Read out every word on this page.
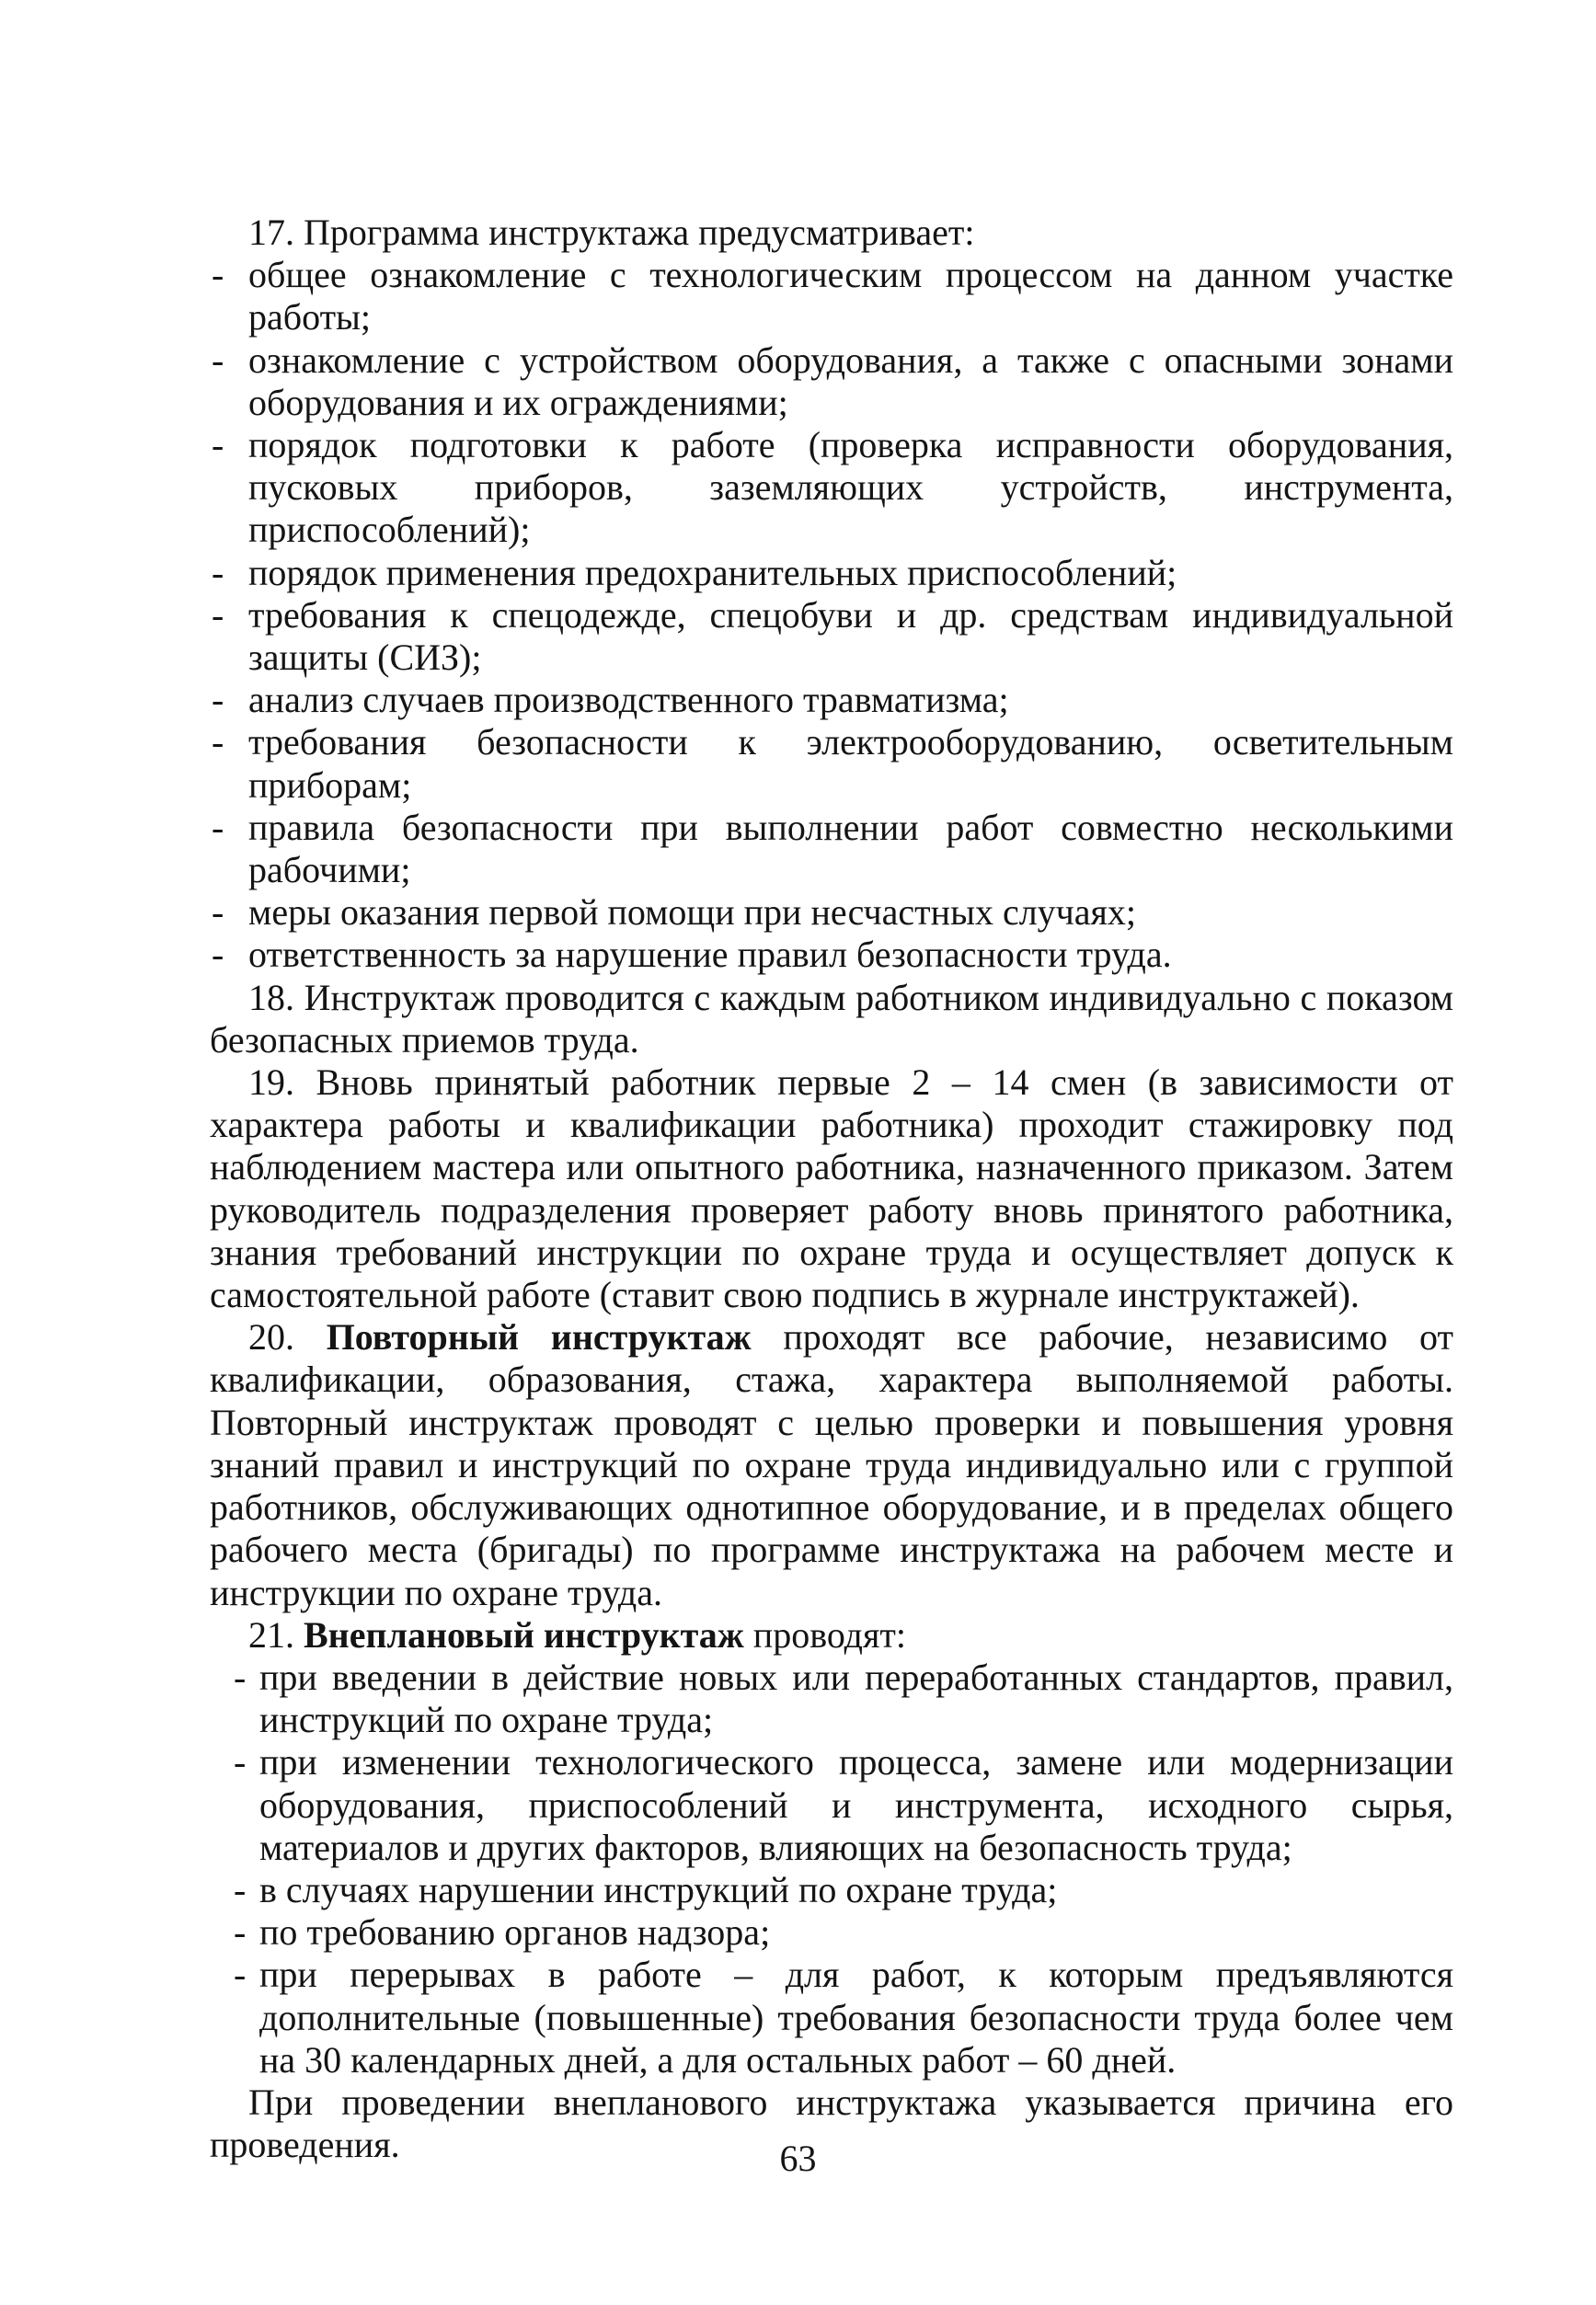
17. Программа инструктажа предусматривает:

- общее ознакомление с технологическим процессом на данном участке работы;
- ознакомление с устройством оборудования, а также с опасными зонами оборудования и их ограждениями;
- порядок подготовки к работе (проверка исправности оборудования, пусковых приборов, заземляющих устройств, инструмента, приспособлений);
- порядок применения предохранительных приспособлений;
- требования к спецодежде, спецобуви и др. средствам индивидуальной защиты (СИЗ);
- анализ случаев производственного травматизма;
- требования безопасности к электрооборудованию, осветительным приборам;
- правила безопасности при выполнении работ совместно несколькими рабочими;
- меры оказания первой помощи при несчастных случаях;
- ответственность за нарушение правил безопасности труда.

18. Инструктаж проводится с каждым работником индивидуально с показом безопасных приемов труда.

19. Вновь принятый работник первые 2 – 14 смен (в зависимости от характера работы и квалификации работника) проходит стажировку под наблюдением мастера или опытного работника, назначенного приказом. Затем руководитель подразделения проверяет работу вновь принятого работника, знания требований инструкции по охране труда и осуществляет допуск к самостоятельной работе (ставит свою подпись в журнале инструктажей).

20. Повторный инструктаж проходят все рабочие, независимо от квалификации, образования, стажа, характера выполняемой работы. Повторный инструктаж проводят с целью проверки и повышения уровня знаний правил и инструкций по охране труда индивидуально или с группой работников, обслуживающих однотипное оборудование, и в пределах общего рабочего места (бригады) по программе инструктажа на рабочем месте и инструкции по охране труда.

21. Внеплановый инструктаж проводят:

- при введении в действие новых или переработанных стандартов, правил, инструкций по охране труда;
- при изменении технологического процесса, замене или модернизации оборудования, приспособлений и инструмента, исходного сырья, материалов и других факторов, влияющих на безопасность труда;
- в случаях нарушении инструкций по охране труда;
- по требованию органов надзора;
- при перерывах в работе – для работ, к которым предъявляются дополнительные (повышенные) требования безопасности труда более чем на 30 календарных дней, а для остальных работ – 60 дней.

При проведении внепланового инструктажа указывается причина его проведения.	63
